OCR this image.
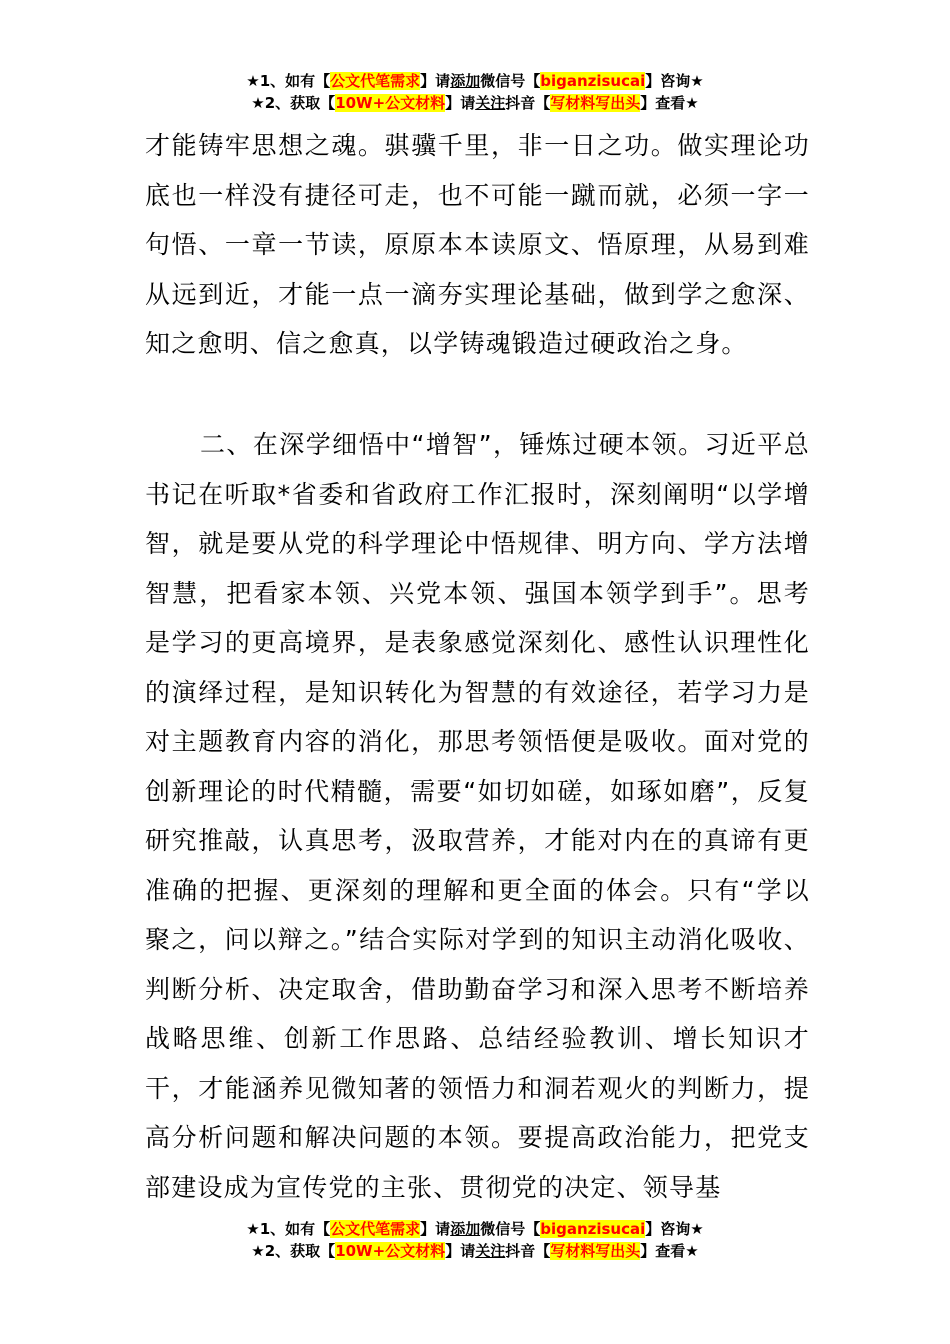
★1、如有【公文代笔需求】请添加微信号【biganzisucai】咨询★
★2、获取【10W+公文材料】请关注抖音【写材料写出头】查看★

才能铸牢思想之魂。骐骥千里，非一日之功。做实理论功底也一样没有捷径可走，也不可能一蹴而就，必须一字一句悟、一章一节读，原原本本读原文、悟原理，从易到难从远到近，才能一点一滴夯实理论基础，做到学之愈深、知之愈明、信之愈真，以学铸魂锻造过硬政治之身。

二、在深学细悟中“增智”，锤炼过硬本领。习近平总书记在听取*省委和省政府工作汇报时，深刻阐明“以学增智，就是要从党的科学理论中悟规律、明方向、学方法增智慧，把看家本领、兴党本领、强国本领学到手”。思考是学习的更高境界，是表象感觉深刻化、感性认识理性化的演绎过程，是知识转化为智慧的有效途径，若学习力是对主题教育内容的消化，那思考领悟便是吸收。面对党的创新理论的时代精髓，需要“如切如磋，如琢如磨”，反复研究推敲，认真思考，汲取营养，才能对内在的真谛有更准确的把握、更深刻的理解和更全面的体会。只有“学以聚之，问以辩之。”结合实际对学到的知识主动消化吸收、判断分析、决定取舍，借助勤奋学习和深入思考不断培养战略思维、创新工作思路、总结经验教训、增长知识才干，才能涵养见微知著的领悟力和洞若观火的判断力，提高分析问题和解决问题的本领。要提高政治能力，把党支部建设成为宣传党的主张、贯彻党的决定、领导基

★1、如有【公文代笔需求】请添加微信号【biganzisucai】咨询★
★2、获取【10W+公文材料】请关注抖音【写材料写出头】查看★
